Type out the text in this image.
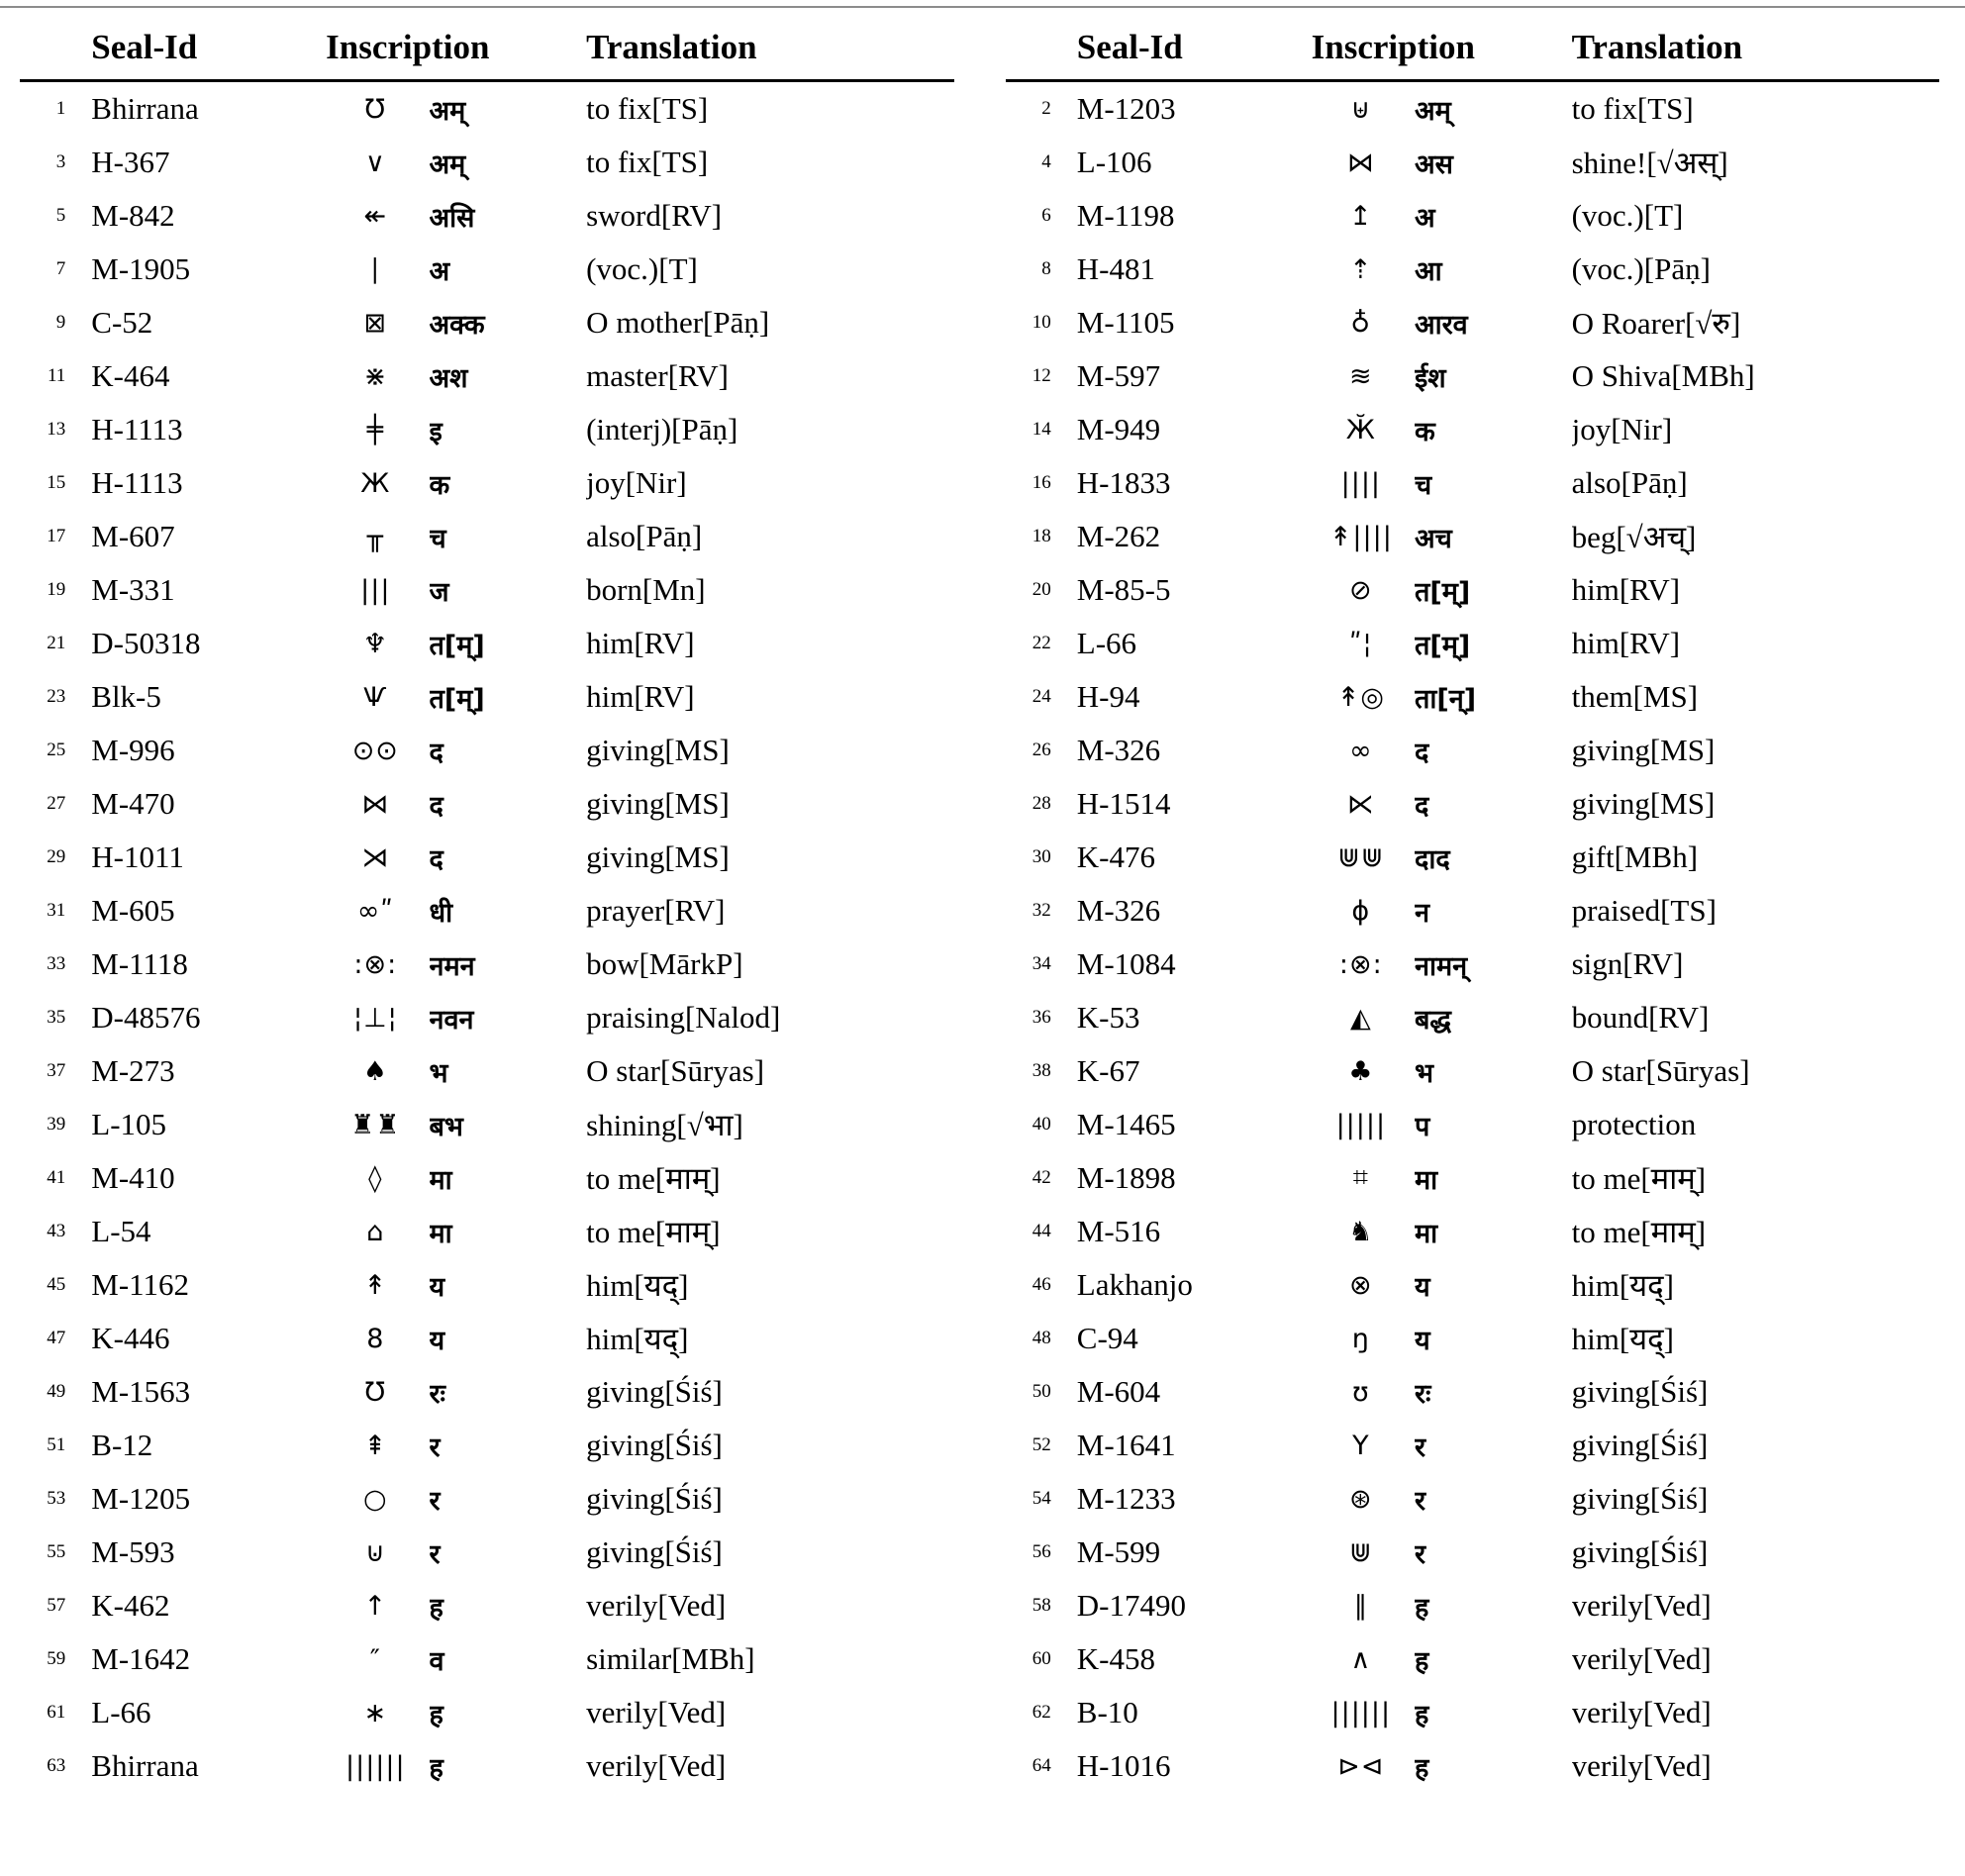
	Seal-Id	Inscription		Translation
1	Bhirrana	℧	अम्	to fix[TS]
3	H-367	∨	अम्	to fix[TS]
5	M-842	↞	असि	sword[RV]
7	M-1905	∣	अ	(voc.)[T]
9	C-52	⊠	अक्क	O mother[Pāṇ]
11	K-464	⋇	अश	master[RV]
13	H-1113	╪	इ	(interj)[Pāṇ]
15	H-1113	Ж	क	joy[Nir]
17	M-607	╥	च	also[Pāṇ]
19	M-331	|||	ज	born[Mn]
21	D-50318	♆	त[म्]	him[RV]
23	Blk-5	Ѱ	त[म्]	him[RV]
25	M-996	⊙⊙	द	giving[MS]
27	M-470	⋈	द	giving[MS]
29	H-1011	⋊	द	giving[MS]
31	M-605	∞ʺ	धी	prayer[RV]
33	M-1118	:⊗:	नमन	bow[MārkP]
35	D-48576	¦⊥¦	नवन	praising[Nalod]
37	M-273	♠	भ	O star[Sūryas]
39	L-105	♜♜	बभ	shining[√भा]
41	M-410	◊	मा	to me[माम्]
43	L-54	⌂	मा	to me[माम्]
45	M-1162	↟	य	him[यद्]
47	K-446	8	य	him[यद्]
49	M-1563	Ʊ	रः	giving[Śiś]
51	B-12	⇞	र	giving[Śiś]
53	M-1205	○	र	giving[Śiś]
55	M-593	⊍	र	giving[Śiś]
57	K-462	↑	ह	verily[Ved]
59	M-1642	″	व	similar[MBh]
61	L-66	∗	ह	verily[Ved]
63	Bhirrana	||||||	ह	verily[Ved]
	Seal-Id	Inscription		Translation
2	M-1203	⊎	अम्	to fix[TS]
4	L-106	⋈	अस	shine![√अस्]
6	M-1198	↥	अ	(voc.)[T]
8	H-481	⇡	आ	(voc.)[Pāṇ]
10	M-1105	♁	आरव	O Roarer[√रु]
12	M-597	≋	ईश	O Shiva[MBh]
14	M-949	Ӂ	क	joy[Nir]
16	H-1833	||||	च	also[Pāṇ]
18	M-262	↟||||	अच	beg[√अच्]
20	M-85-5	⊘	त[म्]	him[RV]
22	L-66	ʺ¦	त[म्]	him[RV]
24	H-94	↟◎	ता[न्]	them[MS]
26	M-326	∞	द	giving[MS]
28	H-1514	⋉	द	giving[MS]
30	K-476	⋓⋓	दाद	gift[MBh]
32	M-326	ϕ	न	praised[TS]
34	M-1084	:⊗:	नामन्	sign[RV]
36	K-53	◭	बद्ध	bound[RV]
38	K-67	♣	भ	O star[Sūryas]
40	M-1465	|||||	प	protection
42	M-1898	⌗	मा	to me[माम्]
44	M-516	♞	मा	to me[माम्]
46	Lakhanjo	⊗	य	him[यद्]
48	C-94	ŋ	य	him[यद्]
50	M-604	ʊ	रः	giving[Śiś]
52	M-1641	Y	र	giving[Śiś]
54	M-1233	⊛	र	giving[Śiś]
56	M-599	⋓	र	giving[Śiś]
58	D-17490	∥	ह	verily[Ved]
60	K-458	∧	ह	verily[Ved]
62	B-10	||||||	ह	verily[Ved]
64	H-1016	⊳⊲	ह	verily[Ved]
